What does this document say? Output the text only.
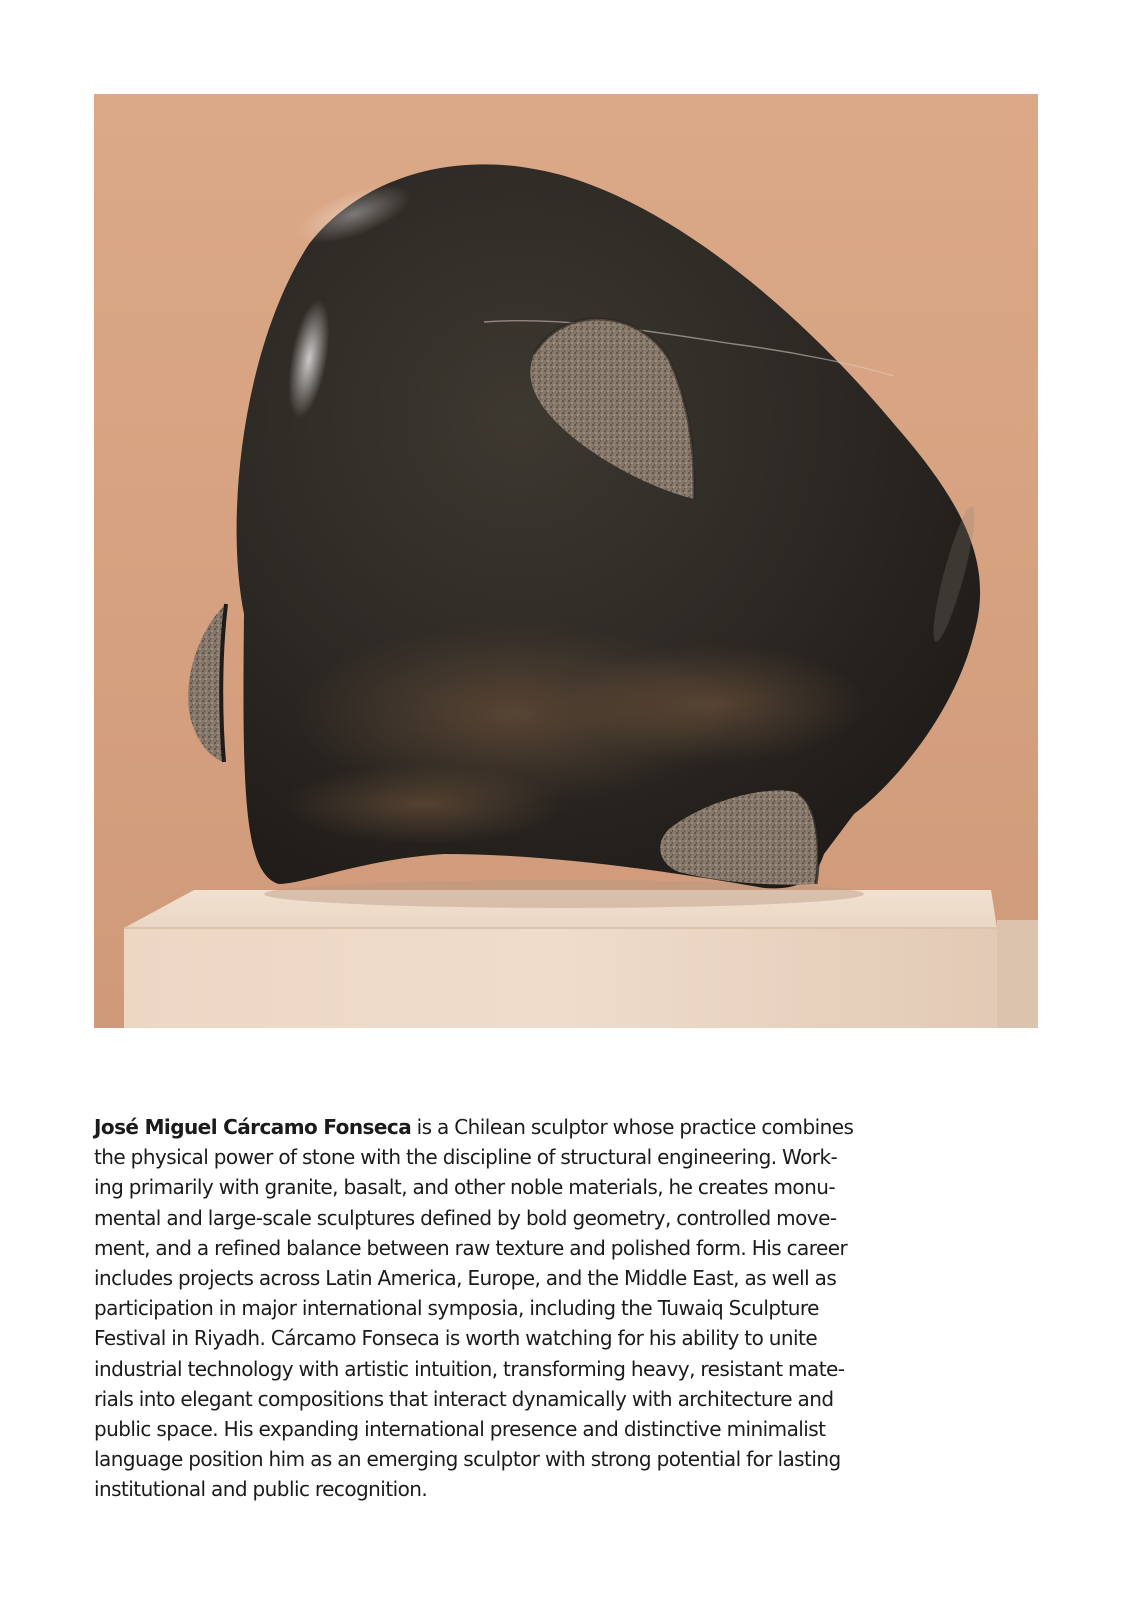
José Miguel Cárcamo Fonseca is a Chilean sculptor whose practice combines
the physical power of stone with the discipline of structural engineering. Work-
ing primarily with granite, basalt, and other noble materials, he creates monu-
mental and large-scale sculptures defined by bold geometry, controlled move-
ment, and a refined balance between raw texture and polished form. His career
includes projects across Latin America, Europe, and the Middle East, as well as
participation in major international symposia, including the Tuwaiq Sculpture
Festival in Riyadh. Cárcamo Fonseca is worth watching for his ability to unite
industrial technology with artistic intuition, transforming heavy, resistant mate-
rials into elegant compositions that interact dynamically with architecture and
public space. His expanding international presence and distinctive minimalist
language position him as an emerging sculptor with strong potential for lasting
institutional and public recognition.
